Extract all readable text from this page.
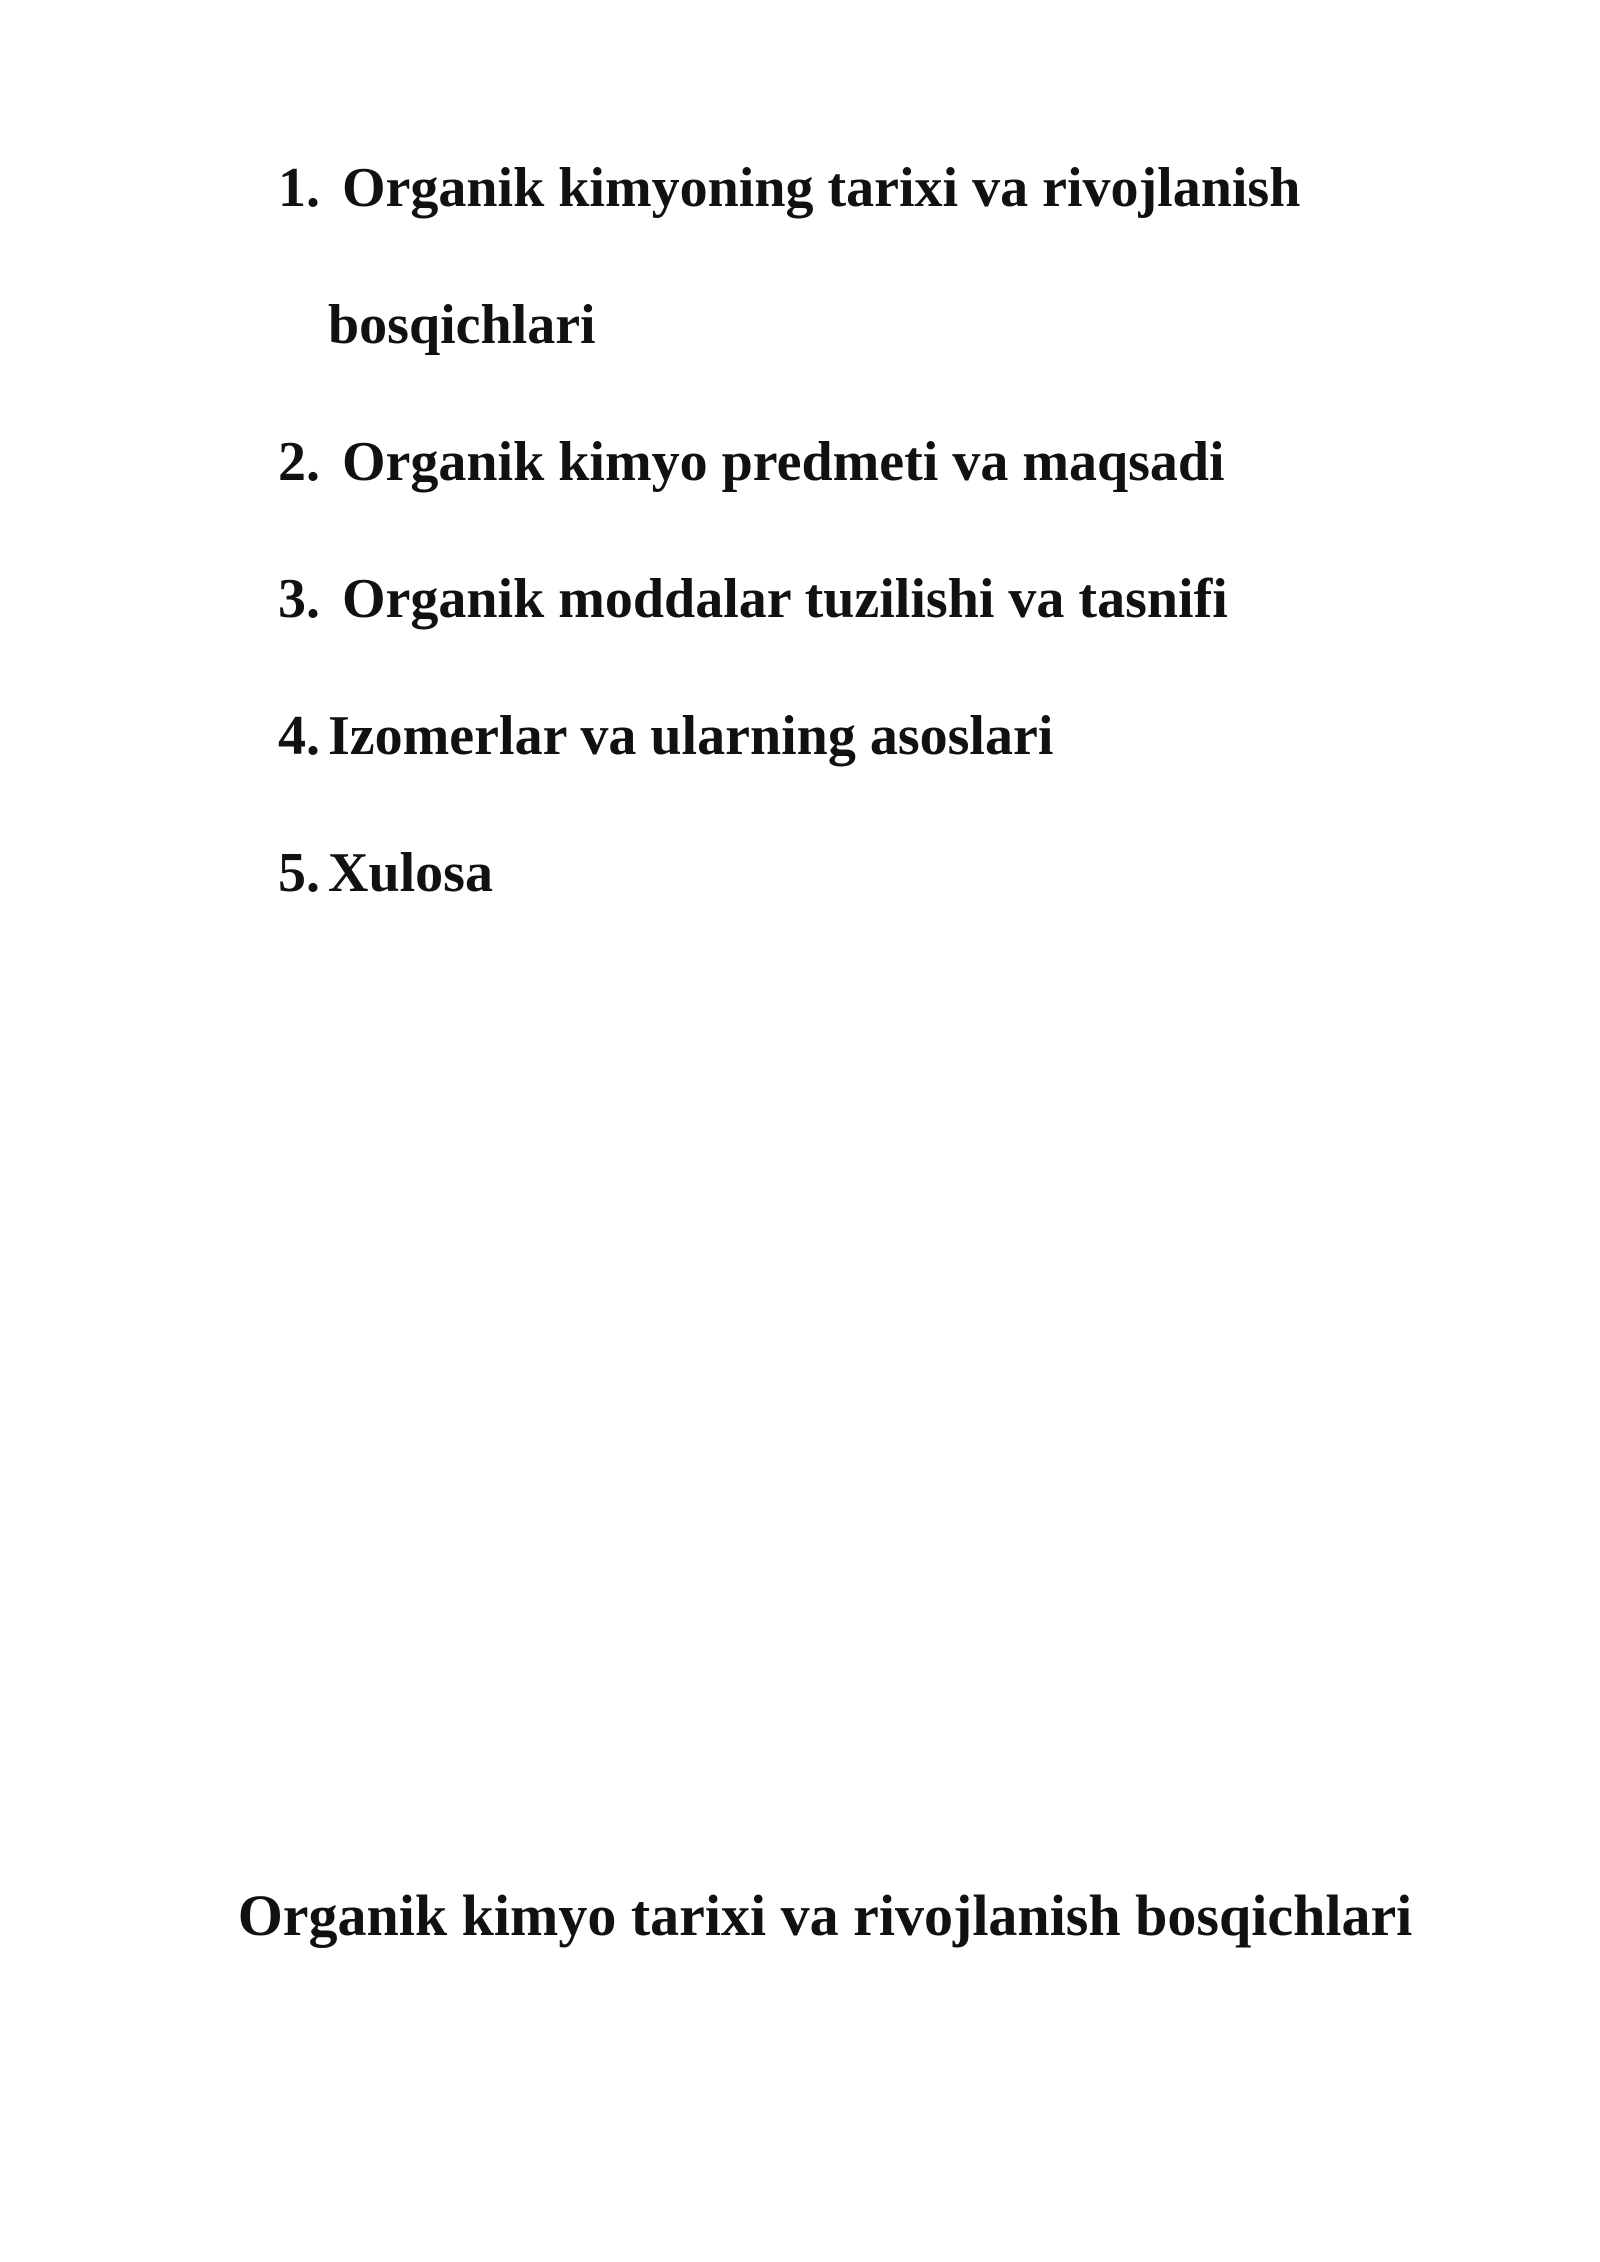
1. Organik kimyoning tarixi va rivojlanish
bosqichlari
2. Organik kimyo predmeti va maqsadi
3. Organik moddalar tuzilishi va tasnifi
4. Izomerlar va ularning asoslari
5. Xulosa
Organik kimyo tarixi va rivojlanish bosqichlari
